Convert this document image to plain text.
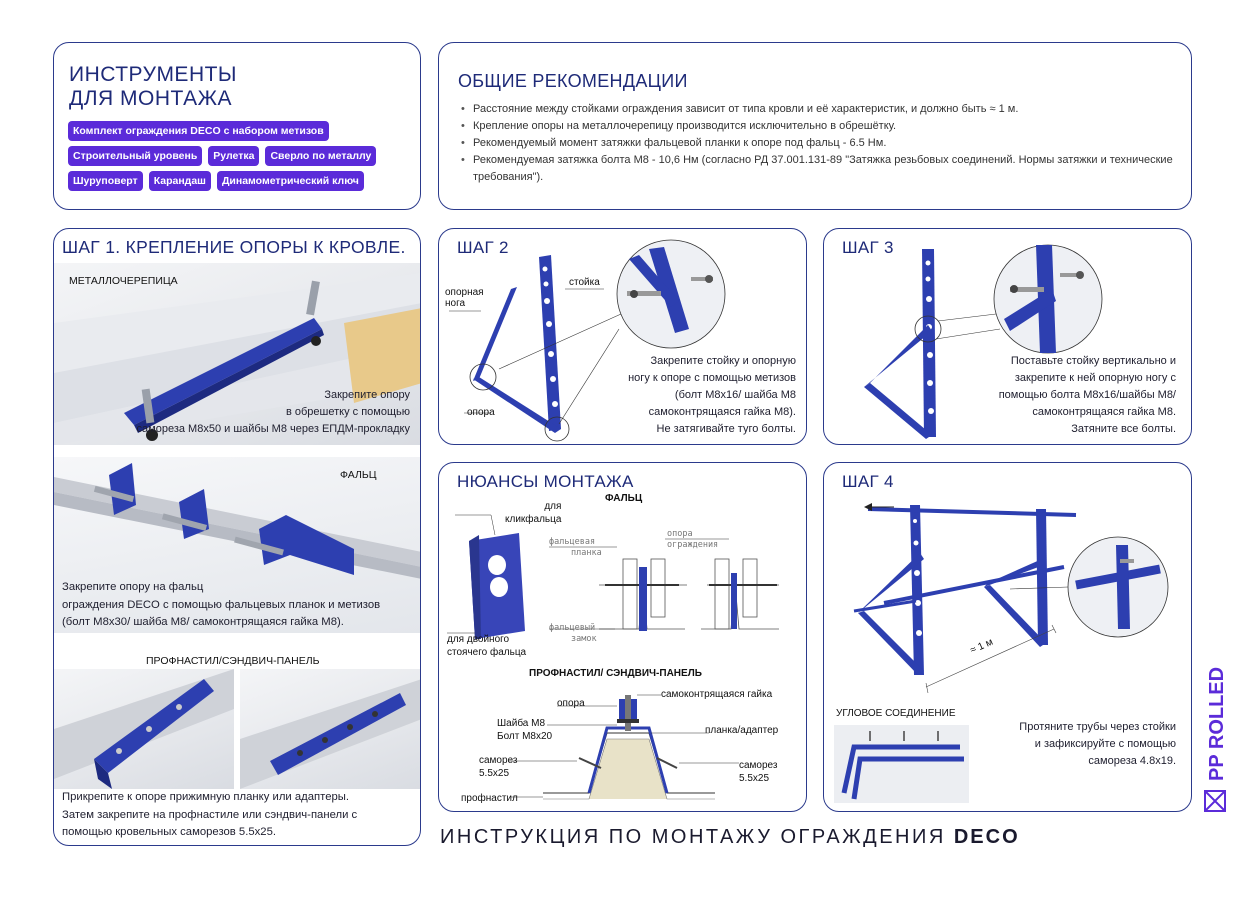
ИНСТРУМЕНТЫ
ДЛЯ МОНТАЖА
Комплект ограждения DECO с набором метизов
Строительный уровень	Рулетка	Сверло по металлу
Шуруповерт	Карандаш	Динамометрический ключ
ОБЩИЕ РЕКОМЕНДАЦИИ
• Расстояние между стойками ограждения зависит от типа кровли и её характеристик, и должно быть ≈ 1 м.
• Крепление опоры на металлочерепицу производится исключительно в обрешётку.
• Рекомендуемый момент затяжки фальцевой планки к опоре под фальц - 6.5 Нм.
• Рекомендуемая затяжка болта М8 - 10,6 Нм (согласно РД 37.001.131-89 "Затяжка резьбовых соединений. Нормы затяжки и технические требования").
ШАГ 1. КРЕПЛЕНИЕ ОПОРЫ К КРОВЛЕ.
МЕТАЛЛОЧЕРЕПИЦА
Закрепите опору
в обрешетку с помощью
самореза М8х50 и шайбы М8 через ЕПДМ-прокладку
ФАЛЬЦ
Закрепите опору на фальц
ограждения DECO с помощью фальцевых планок и метизов
(болт М8х30/ шайба М8/ самоконтрящаяся гайка М8).
ПРОФНАСТИЛ/СЭНДВИЧ-ПАНЕЛЬ
Прикрепите к опоре прижимную планку или адаптеры.
Затем закрепите на профнастиле или сэндвич-панели с
помощью кровельных саморезов 5.5х25.
ШАГ 2
опорная
нога
стойка
опора
Закрепите стойку и опорную
ногу к опоре с помощью метизов
(болт М8х16/ шайба М8
самоконтрящаяся гайка М8).
Не затягивайте туго болты.
ШАГ 3
Поставьте стойку вертикально и
закрепите к ней опорную ногу с
помощью болта М8х16/шайбы М8/
самоконтрящаяся гайка М8.
Затяните все болты.
НЮАНСЫ МОНТАЖА
ФАЛЬЦ
для
кликфальца
для двойного
стоячего фальца
фальцевая
планка
опора
ограждения
фальцевый
замок
ПРОФНАСТИЛ/ СЭНДВИЧ-ПАНЕЛЬ
опора
самоконтрящаяся гайка
Шайба М8
Болт М8х20
планка/адаптер
саморез
5.5х25
саморез
5.5х25
профнастил
ШАГ 4
≈ 1 м
УГЛОВОЕ СОЕДИНЕНИЕ
Протяните трубы через стойки
и зафиксируйте с помощью
самореза 4.8х19.
ИНСТРУКЦИЯ ПО МОНТАЖУ ОГРАЖДЕНИЯ DECO
PP ROLLED
